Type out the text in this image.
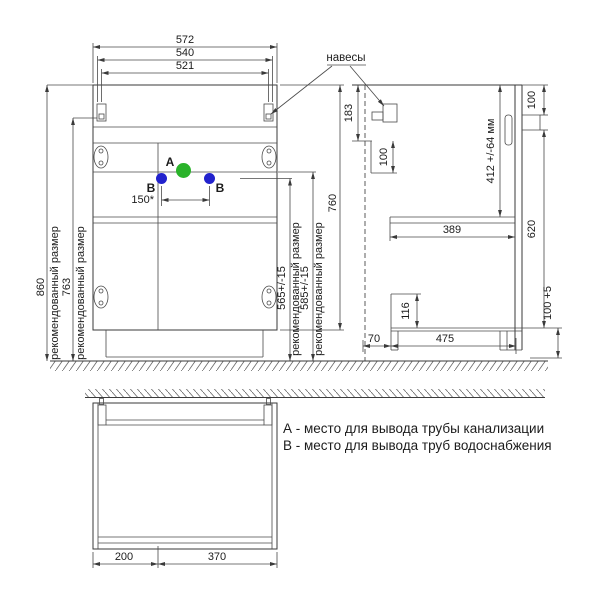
A
B	B
150*
572
540
521
860 рекомендованный размер 763 рекомендованный размер	565+/-15 рекомендованный размер
585+/-15 рекомендованный размер
760
навесы
183
100	412 +/-64 мм
100
620
100 +5
389
116
70	475
200	370
А - место для вывода трубы канализации
В - место для вывода труб водоснабжения
